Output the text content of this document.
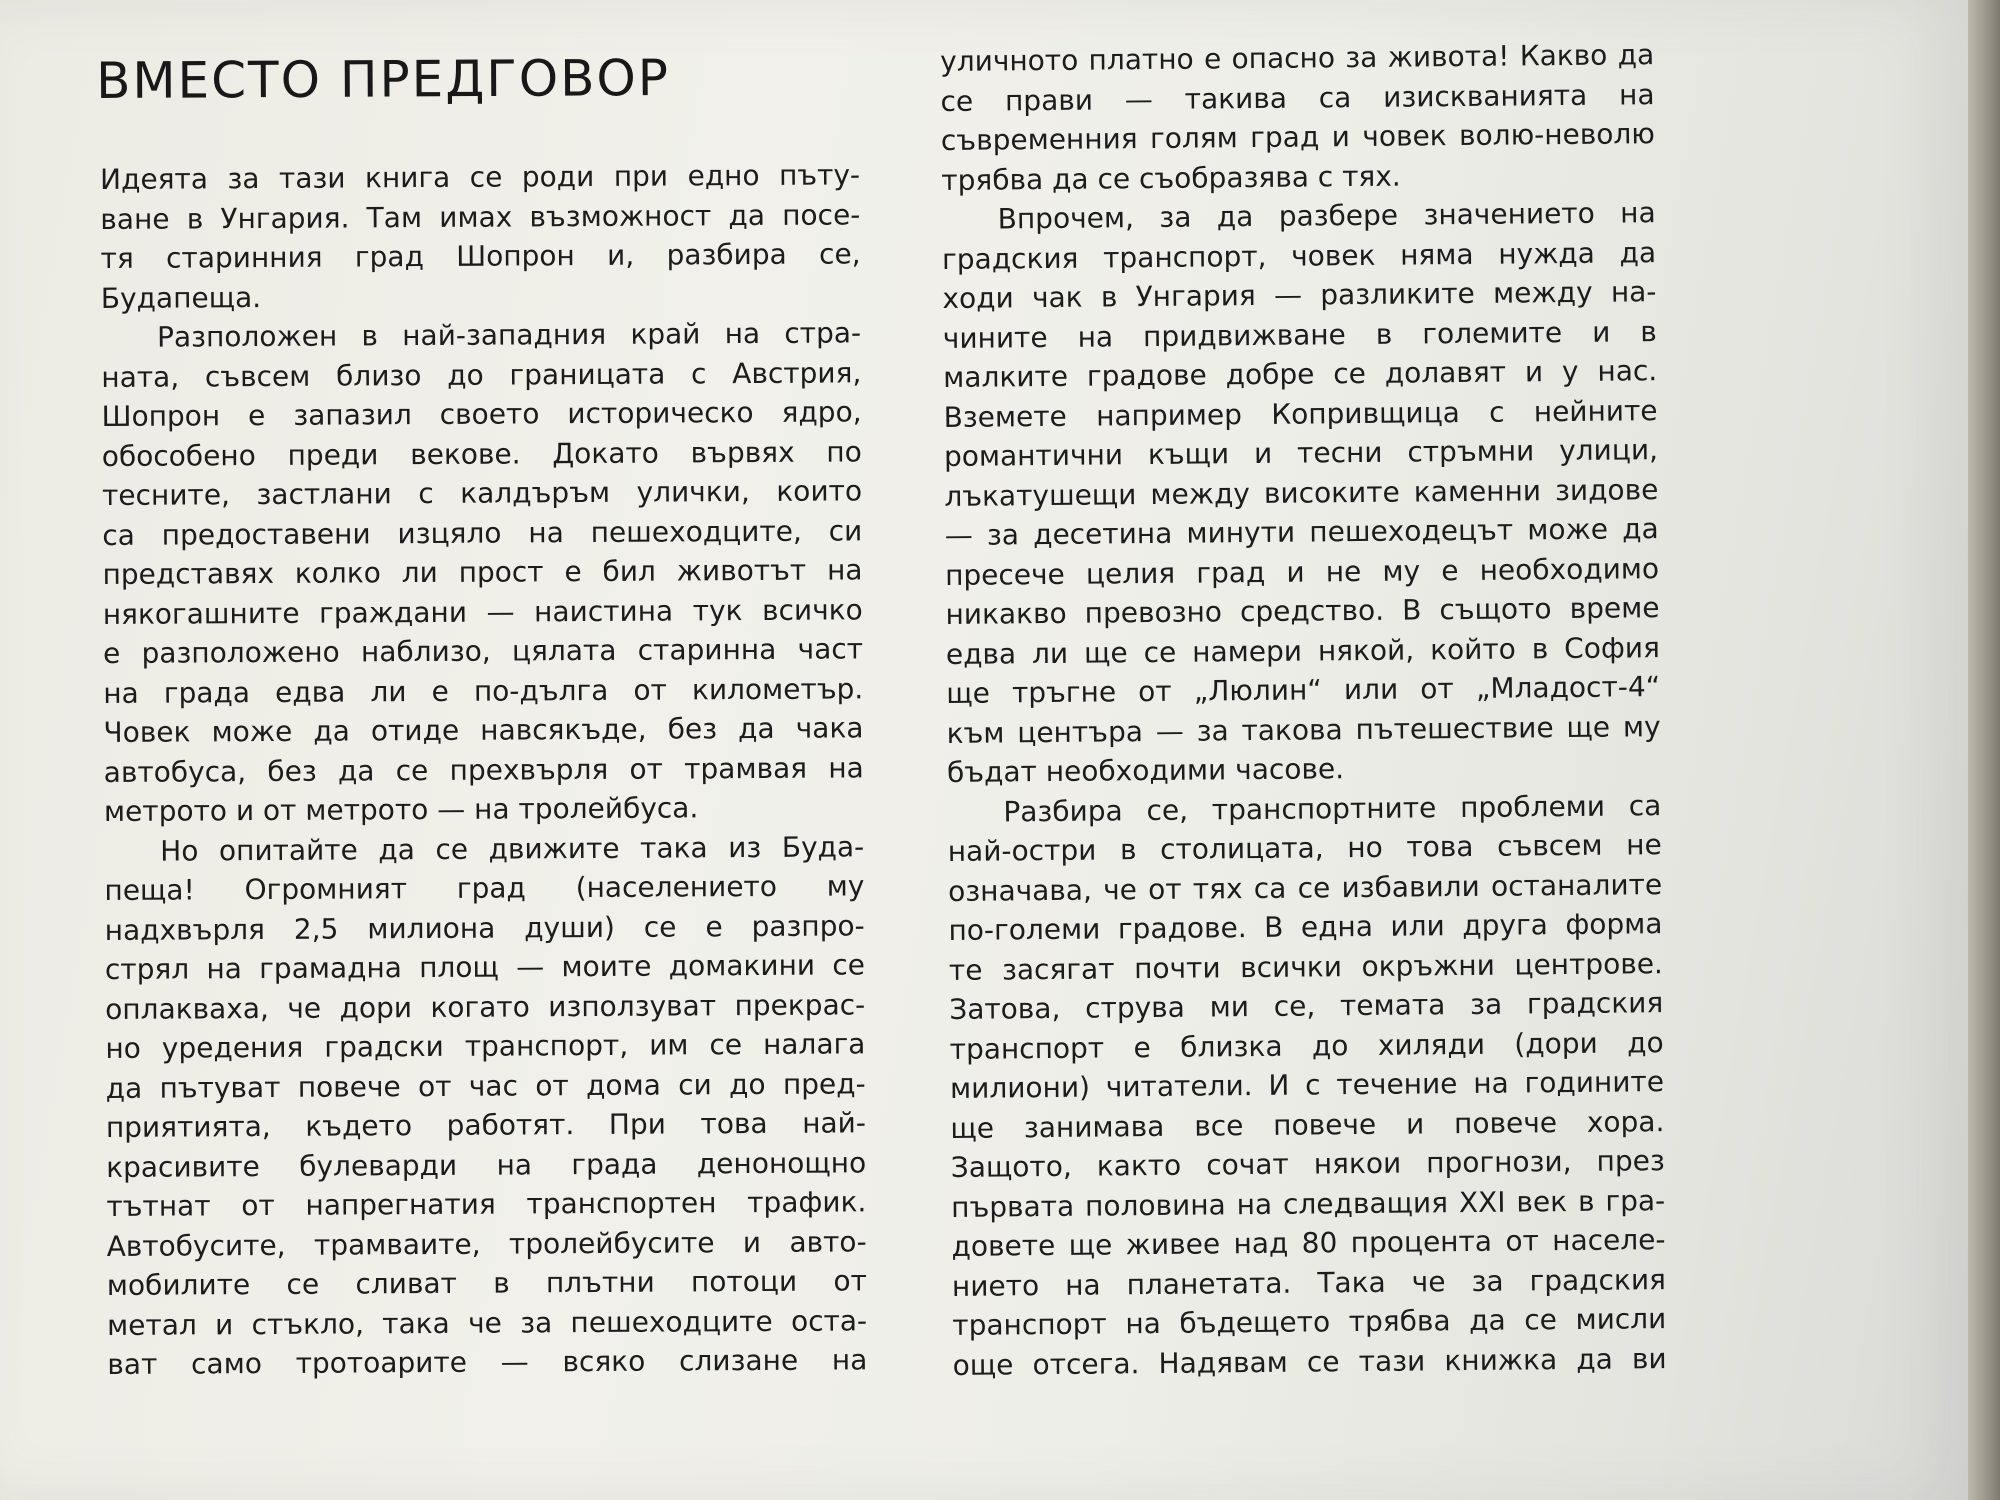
ВМЕСТО ПРЕДГОВОР
Идеята за тази книга се роди при едно пъту-
ване в Унгария. Там имах възможност да посе-
тя старинния град Шопрон и, разбира се,
Будапеща.
Разположен в най-западния край на стра-
ната, съвсем близо до границата с Австрия,
Шопрон е запазил своето историческо ядро,
обособено преди векове. Докато вървях по
тесните, застлани с калдъръм улички, които
са предоставени изцяло на пешеходците, си
представях колко ли прост е бил животът на
някогашните граждани — наистина тук всичко
е разположено наблизо, цялата старинна част
на града едва ли е по-дълга от километър.
Човек може да отиде навсякъде, без да чака
автобуса, без да се прехвърля от трамвая на
метрото и от метрото — на тролейбуса.
Но опитайте да се движите така из Буда-
пеща! Огромният град (населението му
надхвърля 2,5 милиона души) се е разпро-
стрял на грамадна площ — моите домакини се
оплакваха, че дори когато използуват прекрас-
но уредения градски транспорт, им се налага
да пътуват повече от час от дома си до пред-
приятията, където работят. При това най-
красивите булеварди на града денонощно
тътнат от напрегнатия транспортен трафик.
Автобусите, трамваите, тролейбусите и авто-
мобилите се сливат в плътни потоци от
метал и стъкло, така че за пешеходците оста-
ват само тротоарите — всяко слизане на
уличното платно е опасно за живота! Какво да
се прави — такива са изискванията на
съвременния голям град и човек волю-неволю
трябва да се съобразява с тях.
Впрочем, за да разбере значението на
градския транспорт, човек няма нужда да
ходи чак в Унгария — разликите между на-
чините на придвижване в големите и в
малките градове добре се долавят и у нас.
Вземете например Копривщица с нейните
романтични къщи и тесни стръмни улици,
лъкатушещи между високите каменни зидове
— за десетина минути пешеходецът може да
пресече целия град и не му е необходимо
никакво превозно средство. В същото време
едва ли ще се намери някой, който в София
ще тръгне от „Люлин“ или от „Младост-4“
към центъра — за такова пътешествие ще му
бъдат необходими часове.
Разбира се, транспортните проблеми са
най-остри в столицата, но това съвсем не
означава, че от тях са се избавили останалите
по-големи градове. В една или друга форма
те засягат почти всички окръжни центрове.
Затова, струва ми се, темата за градския
транспорт е близка до хиляди (дори до
милиони) читатели. И с течение на годините
ще занимава все повече и повече хора.
Защото, както сочат някои прогнози, през
първата половина на следващия XXI век в гра-
довете ще живее над 80 процента от населе-
нието на планетата. Така че за градския
транспорт на бъдещето трябва да се мисли
още отсега. Надявам се тази книжка да ви
